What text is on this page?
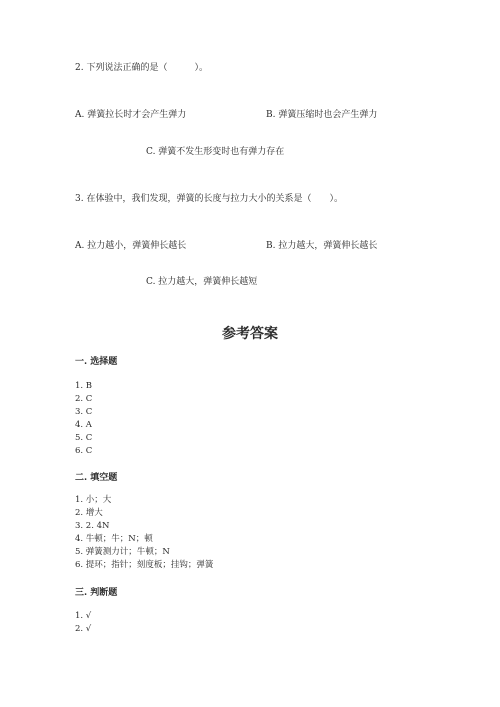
2. 下列说法正确的是（　　　）。
A. 弹簧拉长时才会产生弹力	B. 弹簧压缩时也会产生弹力
C. 弹簧不发生形变时也有弹力存在
3. 在体验中，我们发现，弹簧的长度与拉力大小的关系是（　　）。
A. 拉力越小，弹簧伸长越长	B. 拉力越大，弹簧伸长越长
C. 拉力越大，弹簧伸长越短
参考答案
一. 选择题
1. B
2. C
3. C
4. A
5. C
6. C
二. 填空题
1. 小；大
2. 增大
3. 2. 4N
4. 牛顿；牛；N；顿
5. 弹簧测力计；牛顿；N
6. 提环；指针；刻度板；挂钩；弹簧
三. 判断题
1. √
2. √
